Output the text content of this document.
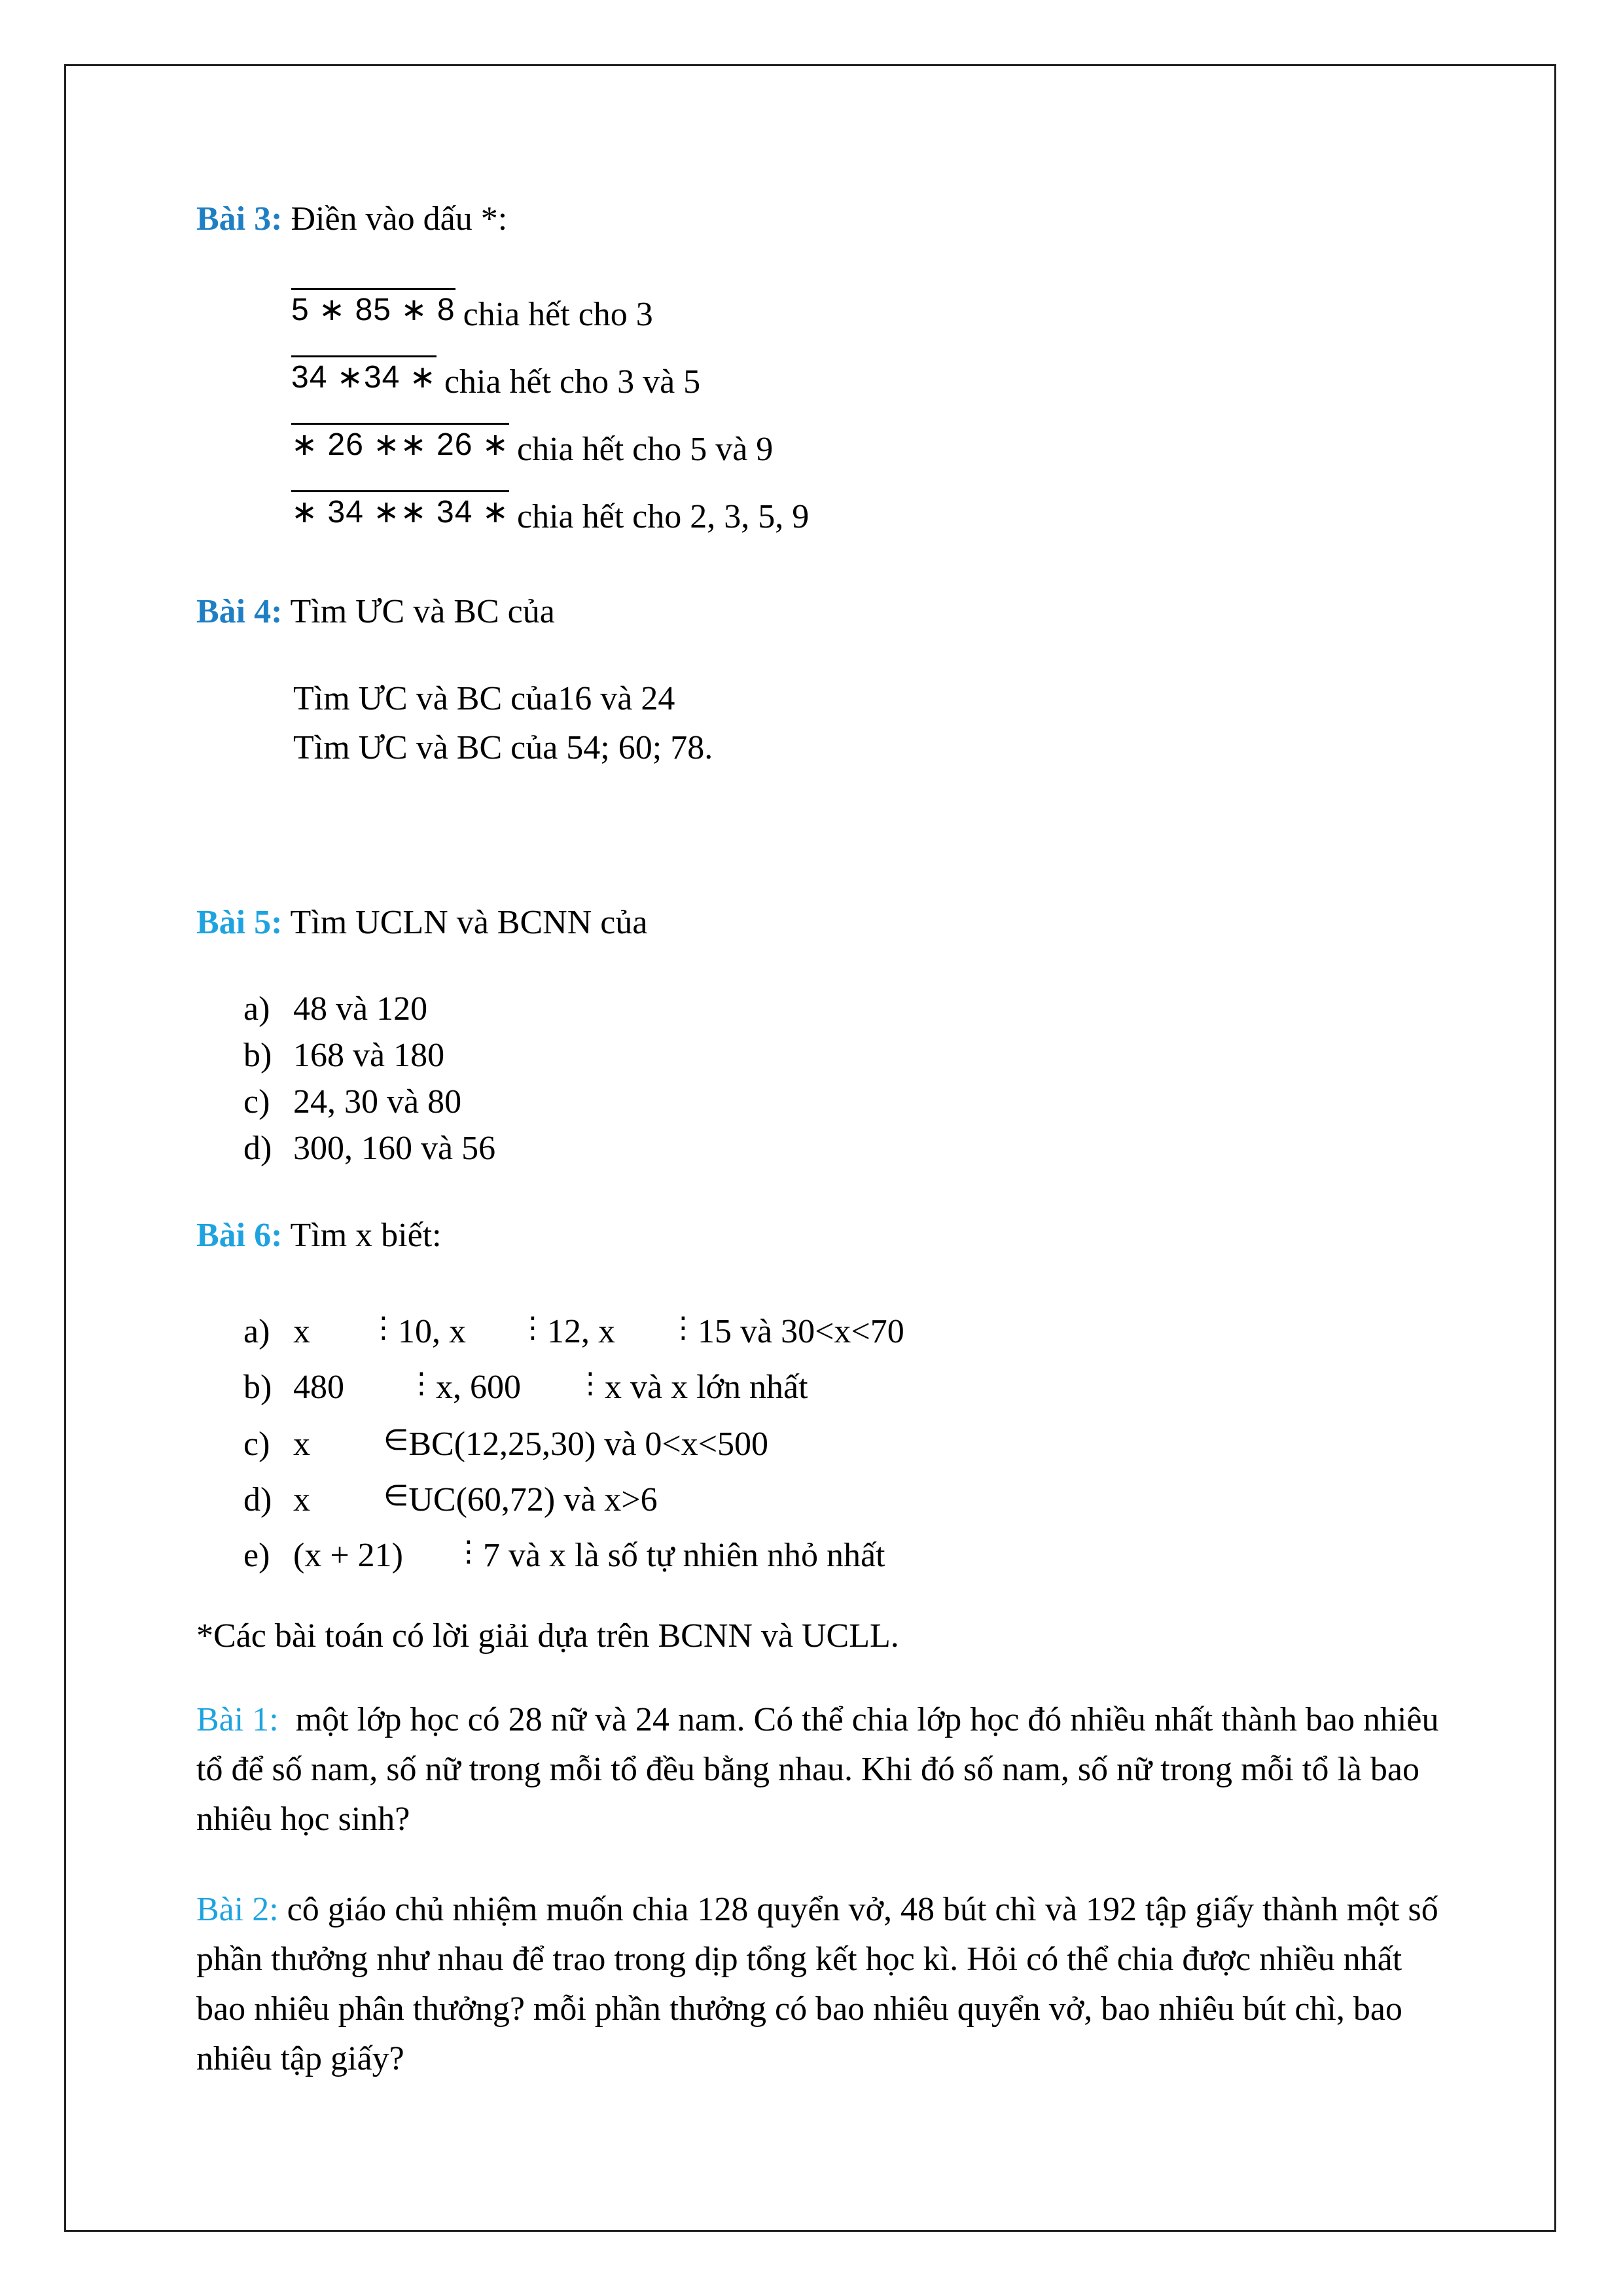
Bài 3: Điền vào dấu *:
5 ∗ 85 ∗ 8 chia hết cho 3
34 ∗34 ∗ chia hết cho 3 và 5
∗ 26 ∗∗ 26 ∗ chia hết cho 5 và 9
∗ 34 ∗∗ 34 ∗ chia hết cho 2, 3, 5, 9
Bài 4: Tìm ƯC và BC của
Tìm ƯC và BC của16 và 24
Tìm ƯC và BC của 54; 60; 78.
Bài 5: Tìm UCLN và BCNN của
a) 48 và 120
b) 168 và 180
c) 24, 30 và 80
d) 300, 160 và 56
Bài 6: Tìm x biết:
a) x ⋮10, x ⋮12, x ⋮15 và 30<x<70
b) 480 ⋮x, 600 ⋮x và x lớn nhất
c) x	∈BC(12,25,30) và 0<x<500
d) x	∈UC(60,72) và x>6
e) (x + 21) ⋮7 và x là số tự nhiên nhỏ nhất
*Các bài toán có lời giải dựa trên BCNN và UCLL.
Bài 1: một lớp học có 28 nữ và 24 nam. Có thể chia lớp học đó nhiều nhất thành bao nhiêu tổ để số nam, số nữ trong mỗi tổ đều bằng nhau. Khi đó số nam, số nữ trong mỗi tổ là bao nhiêu học sinh?
Bài 2: cô giáo chủ nhiệm muốn chia 128 quyển vở, 48 bút chì và 192 tập giấy thành một số phần thưởng như nhau để trao trong dịp tổng kết học kì. Hỏi có thể chia được nhiều nhất bao nhiêu phân thưởng? mỗi phần thưởng có bao nhiêu quyển vở, bao nhiêu bút chì, bao nhiêu tập giấy?
